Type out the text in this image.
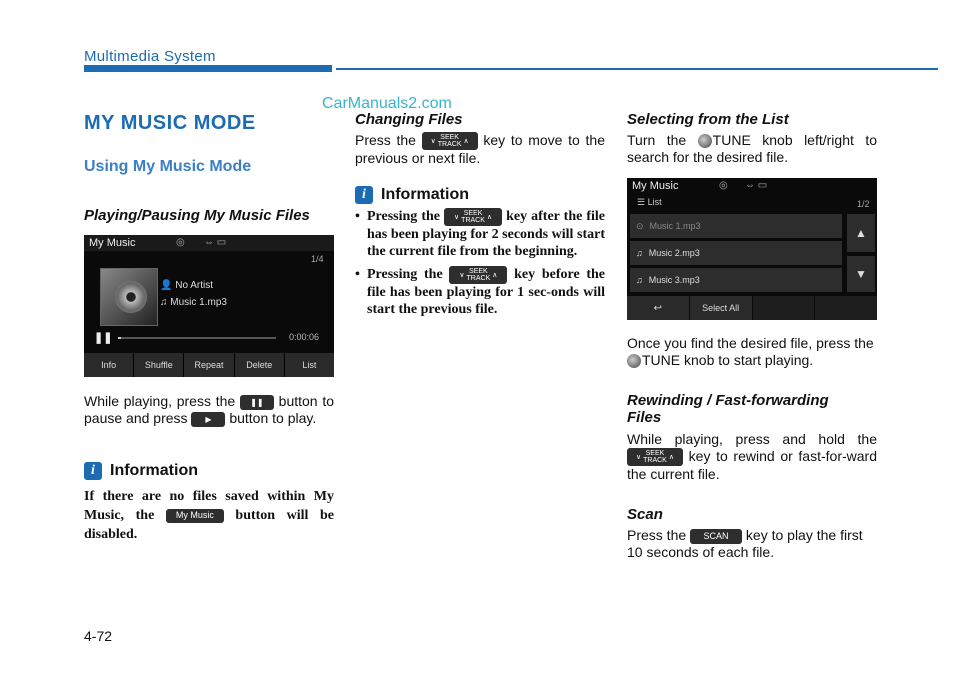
Multimedia System
CarManuals2.com
MY MUSIC MODE
Using My Music Mode
Playing/Pausing My Music Files
My Music	◎ ⇔ ▭
1/4
👤 No Artist
♫ Music 1.mp3
❚❚	0:00:06
Info	Shuffle	Repeat	Delete	List
While playing, press the ❚❚ button to pause and press ▶ button to play.
i Information
If there are no files saved within My Music, the My Music button will be disabled.
Changing Files
Press the ∨ SEEK
TRACK ∧ key to move to the previous or next file.
i Information
• Pressing the ∨ SEEK
TRACK ∧ key after the file has been playing for 2 seconds will start the current file from the beginning.
• Pressing the ∨ SEEK
TRACK ∧ key before the file has been playing for 1 sec-onds will start the previous file.
Selecting from the List
Turn the TUNE knob left/right to search for the desired file.
My Music	◎ ⇔ ▭
☰ List	1/2
⊙ Music 1.mp3
♫ Music 2.mp3
♫ Music 3.mp3
▲
▼
↩	Select All
Once you find the desired file, press the TUNE knob to start playing.
Rewinding / Fast-forwarding Files
While playing, press and hold the
∨ SEEK
TRACK ∧ key to rewind or fast-for-ward the current file.
Scan
Press the SCAN key to play the first 10 seconds of each file.
4-72
